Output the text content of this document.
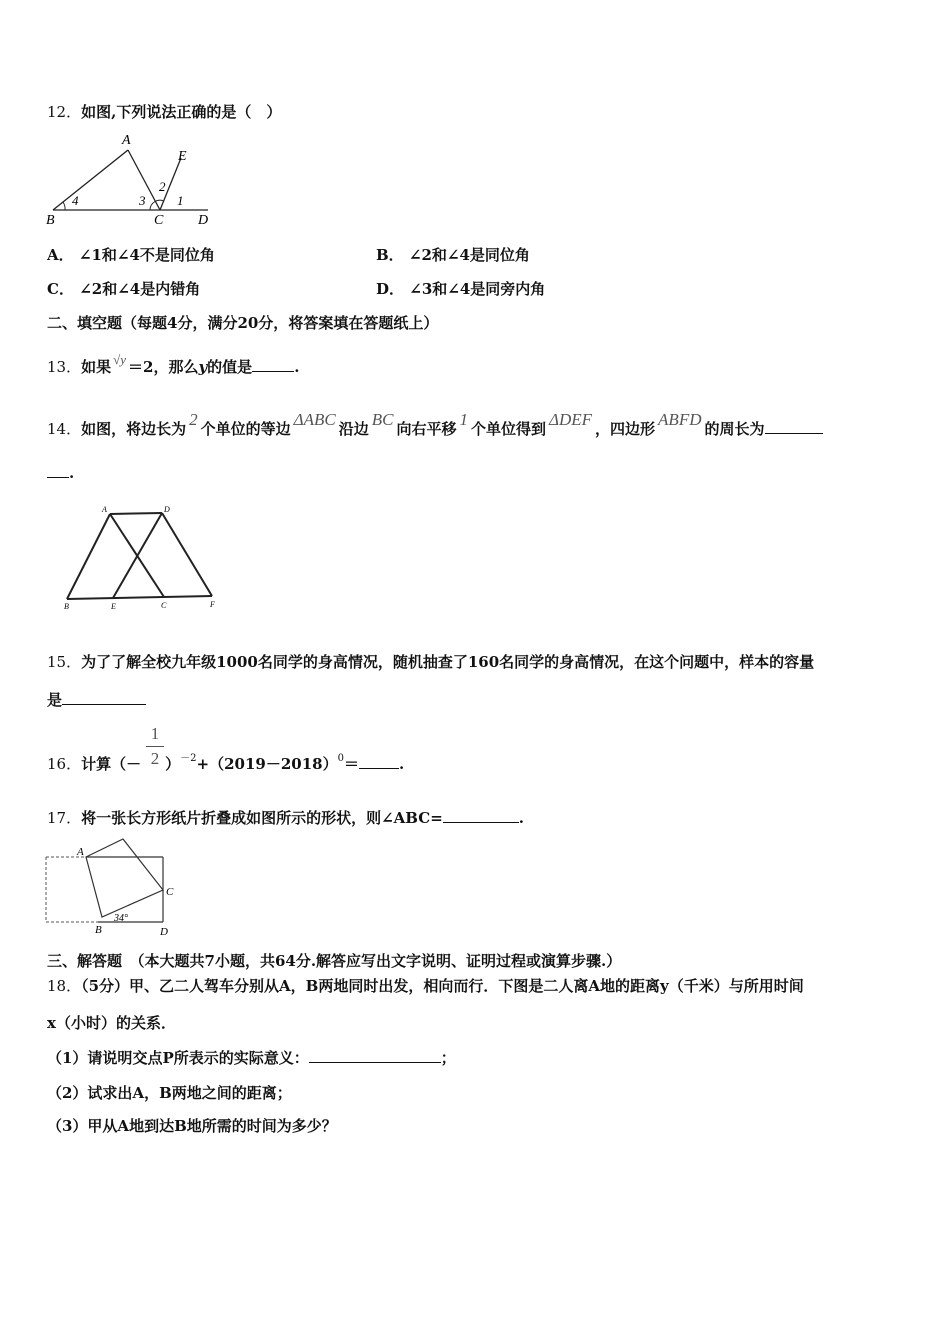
12．如图,下列说法正确的是（　）
A
E
B	C D
4	3
2
1
A． ∠1和∠4不是同位角	B． ∠2和∠4是同位角
C． ∠2和∠4是内错角	D． ∠3和∠4是同旁内角
二、填空题（每题4分，满分20分，将答案填在答题纸上）
13．如果 √y ＝2，那么y的值是	.
14．如图，将边长为 2 个单位的等边 ΔABC 沿边 BC 向右平移 1 个单位得到 ΔDEF ，四边形 ABFD 的周长为
.
A	D
B	E	C	F
15．为了了解全校九年级1000名同学的身高情况，随机抽查了160名同学的身高情况，在这个问题中，样本的容量
是
1
2
16．计算（－ ）$^{-2}+(2019-2018)^0=$	.
17．将一张长方形纸片折叠成如图所示的形状，则∠ABC=	.
A
C
B	D
34°
三、解答题　（本大题共7小题，共64分.解答应写出文字说明、证明过程或演算步骤.）
18．（5分）甲、乙二人驾车分别从A，B两地同时出发，相向而行．下图是二人离A地的距离y（千米）与所用时间
x（小时）的关系．
（1）请说明交点P所表示的实际意义：	；
（2）试求出A，B两地之间的距离；
（3）甲从A地到达B地所需的时间为多少？
